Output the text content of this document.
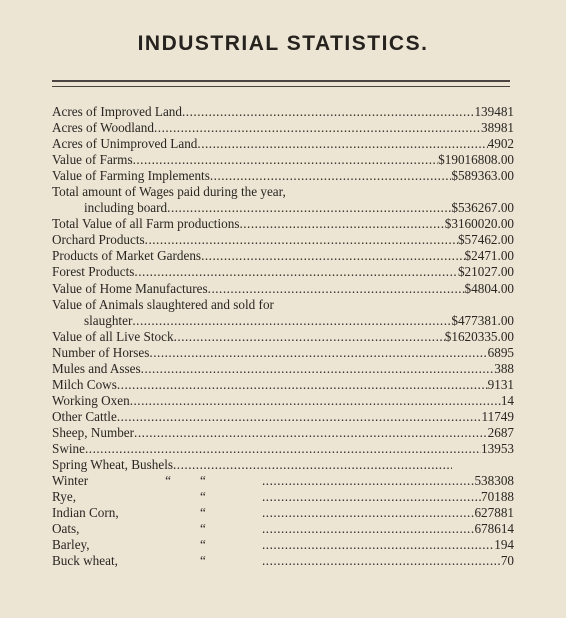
INDUSTRIAL STATISTICS.
Acres of Improved Land .....	139481
Acres of Woodland .....	38981
Acres of Unimproved Land .....	4902
Value of Farms .....	$19016808.00
Value of Farming Implements .....	$589363.00
Total amount of Wages paid during the year,
including board .....	$536267.00
Total Value of all Farm productions .....	$3160020.00
Orchard Products .....	$57462.00
Products of Market Gardens .....	$2471.00
Forest Products .....	$21027.00
Value of Home Manufactures .....	$4804.00
Value of Animals slaughtered and sold for
slaughter .....	$477381.00
Value of all Live Stock .....	$1620335.00
Number of Horses .....	6895
Mules and Asses .....	388
Milch Cows .....	9131
Working Oxen .....	14
Other Cattle .....	11749
Sheep, Number .....	2687
Swine .....	13953
Spring Wheat, Bushels
.....
Winter	“	“ .....	538308
Rye,	“ .....	70188
Indian Corn,	“ .....	627881
Oats,	“ .....	678614
Barley,	“ .....	194
Buck wheat,	“ .....	70
